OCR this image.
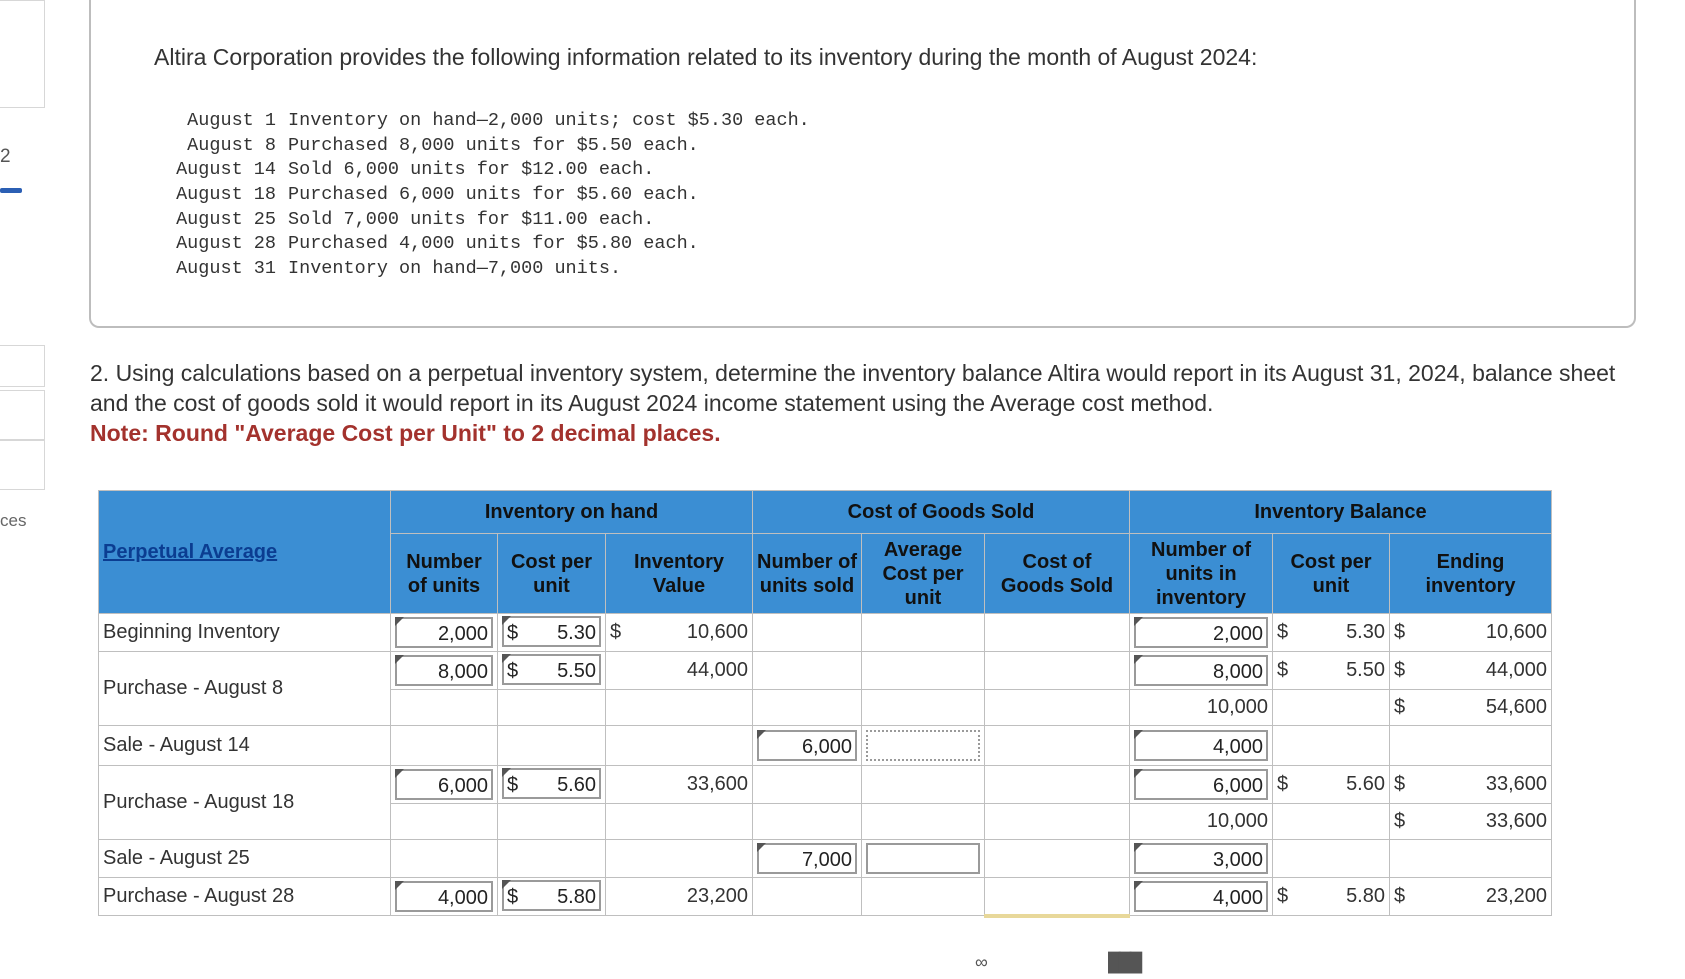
2
ces
Altira Corporation provides the following information related to its inventory during the month of August 2024:
August 1 Inventory on hand—2,000 units; cost $5.30 each.
August 8 Purchased 8,000 units for $5.50 each.
August 14 Sold 6,000 units for $12.00 each.
August 18 Purchased 6,000 units for $5.60 each.
August 25 Sold 7,000 units for $11.00 each.
August 28 Purchased 4,000 units for $5.80 each.
August 31 Inventory on hand—7,000 units.
2. Using calculations based on a perpetual inventory system, determine the inventory balance Altira would report in its August 31, 2024, balance sheet and the cost of goods sold it would report in its August 2024 income statement using the Average cost method.
Note: Round "Average Cost per Unit" to 2 decimal places.
Perpetual Average	Inventory on hand			Cost of Goods Sold			Inventory Balance		
	Number of units	Cost per unit	Inventory Value	Number of units sold	Average Cost per unit	Cost of Goods Sold	Number of units in inventory	Cost per unit	Ending inventory
Beginning Inventory	2,000	$ 5.30	$ 10,600				2,000	$ 5.30	$ 10,600
Purchase - August 8	8,000	$ 5.50	44,000				8,000	$ 5.50	$ 44,000
							10,000		$ 54,600
Sale - August 14				6,000			4,000		

Purchase - August 18	6,000	$ 5.60	33,600				6,000	$ 5.60	$ 33,600
							10,000		$ 33,600
Sale - August 25				7,000			3,000		

Purchase - August 28	4,000	$ 5.80	23,200				4,000	$ 5.80	$ 23,200
∞	███
